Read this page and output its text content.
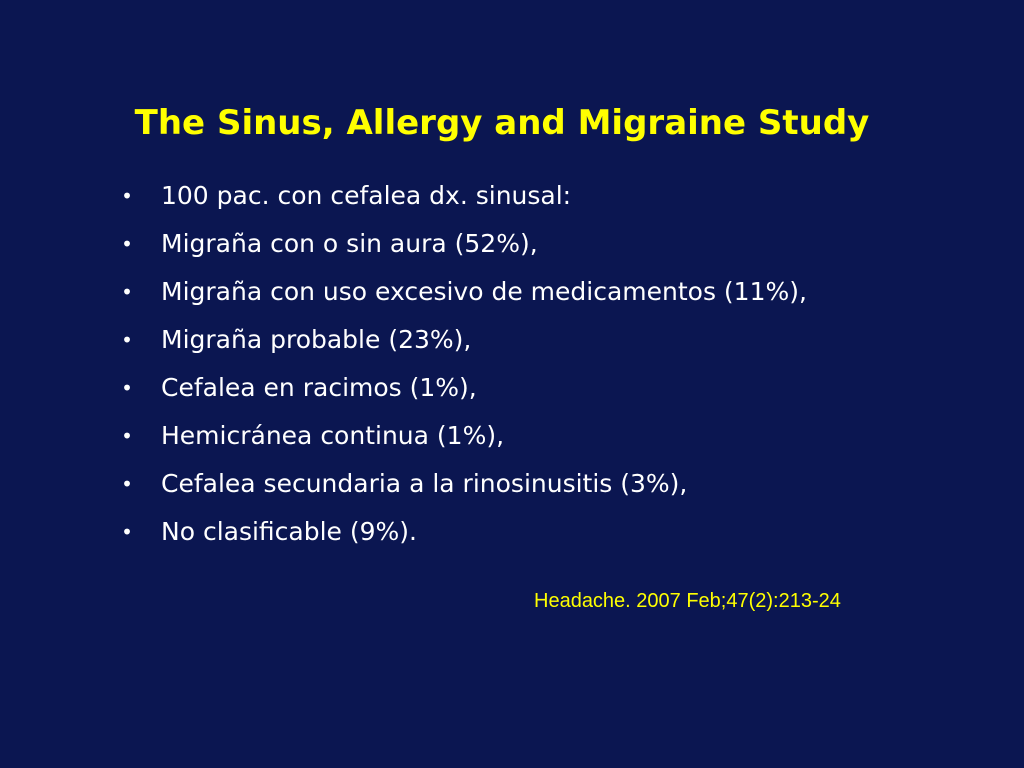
The Sinus, Allergy and Migraine Study
• 100 pac. con cefalea dx. sinusal:
• Migraña con o sin aura (52%),
• Migraña con uso excesivo de medicamentos (11%),
• Migraña probable (23%),
• Cefalea en racimos (1%),
• Hemicránea continua (1%),
• Cefalea secundaria a la rinosinusitis (3%),
• No clasificable (9%).
Headache. 2007 Feb;47(2):213-24
